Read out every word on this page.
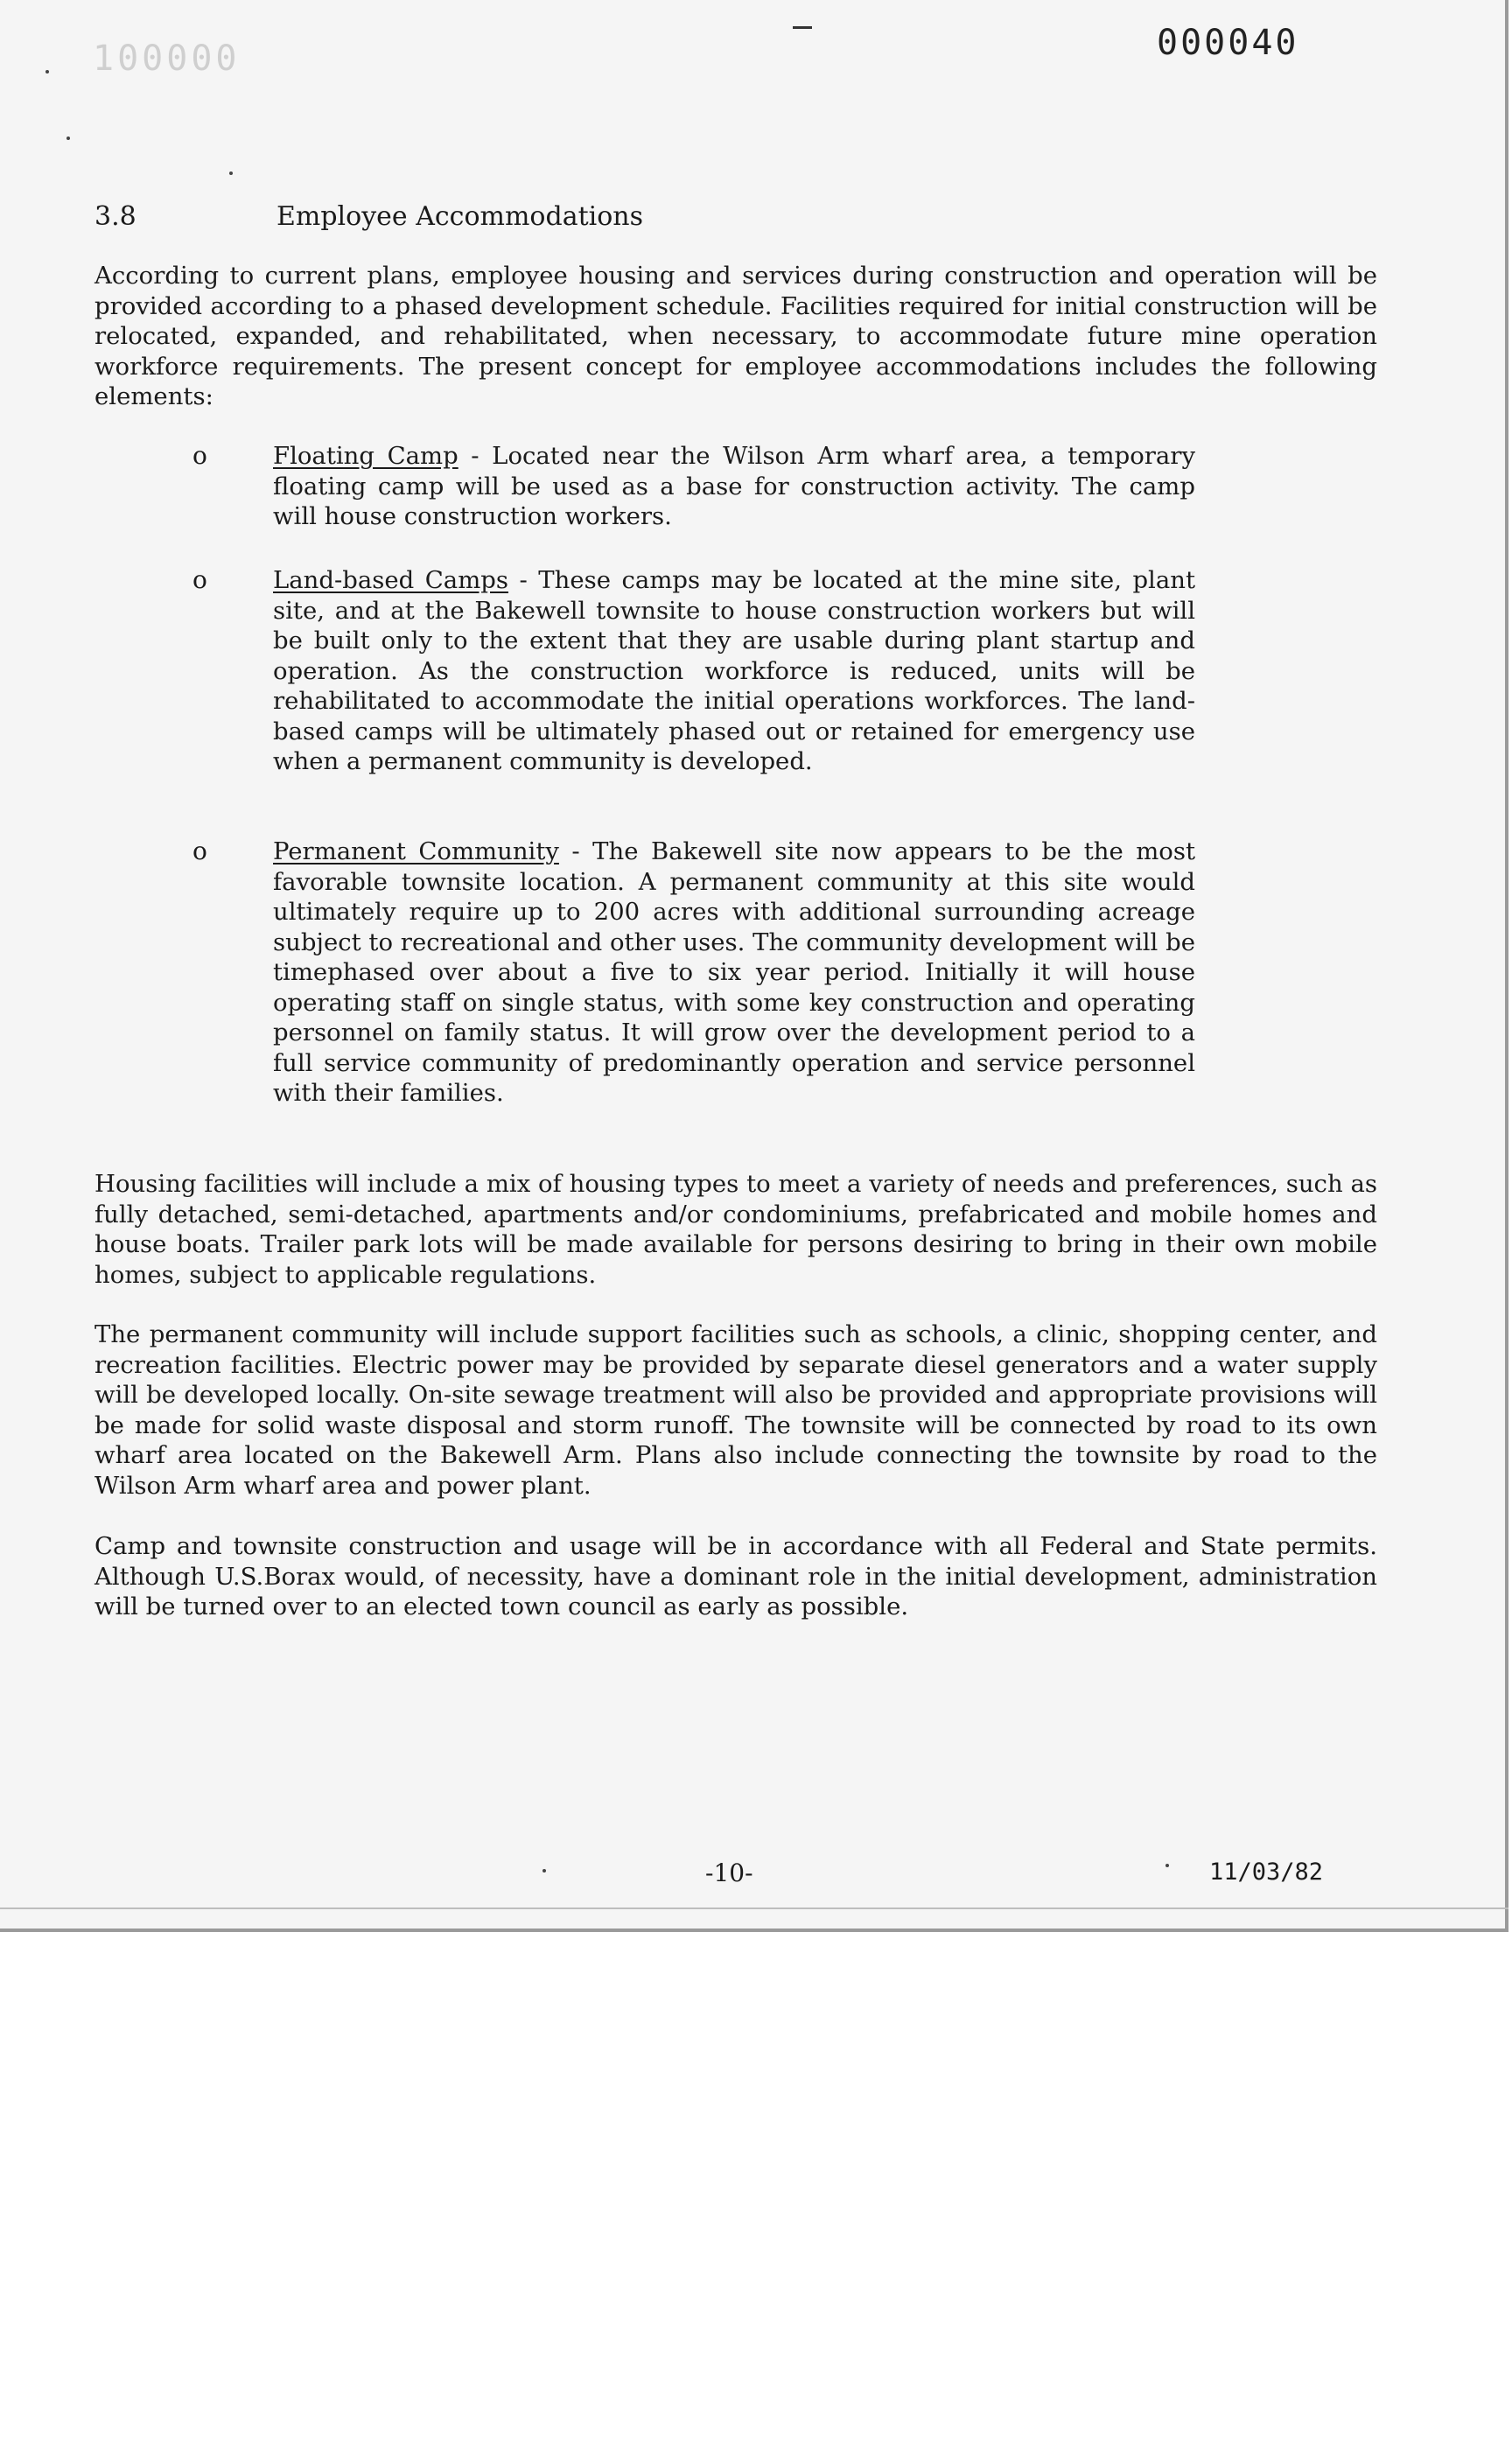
100000	000040
3.8	Employee Accommodations

According to current plans, employee housing and services during construction and operation will be provided according to a phased development schedule. Facilities required for initial construction will be relocated, expanded, and rehabilitated, when necessary, to accommodate future mine operation workforce requirements. The present concept for employee accommodations includes the following elements:

o	Floating Camp - Located near the Wilson Arm wharf area, a temporary floating camp will be used as a base for construction activity. The camp will house construction workers.
o	Land-based Camps - These camps may be located at the mine site, plant site, and at the Bakewell townsite to house construction workers but will be built only to the extent that they are usable during plant startup and operation. As the construction workforce is reduced, units will be rehabilitated to accommodate the initial operations workforces. The land-based camps will be ultimately phased out or retained for emergency use when a permanent community is developed.
o	Permanent Community - The Bakewell site now appears to be the most favorable townsite location. A permanent community at this site would ultimately require up to 200 acres with additional surrounding acreage subject to recreational and other uses. The community development will be timephased over about a five to six year period. Initially it will house operating staff on single status, with some key construction and operating personnel on family status. It will grow over the development period to a full service community of predominantly operation and service personnel with their families.

Housing facilities will include a mix of housing types to meet a variety of needs and preferences, such as fully detached, semi-detached, apartments and/or condominiums, prefabricated and mobile homes and house boats. Trailer park lots will be made available for persons desiring to bring in their own mobile homes, subject to applicable regulations.

The permanent community will include support facilities such as schools, a clinic, shopping center, and recreation facilities. Electric power may be provided by separate diesel generators and a water supply will be developed locally. On-site sewage treatment will also be provided and appropriate provisions will be made for solid waste disposal and storm runoff. The townsite will be connected by road to its own wharf area located on the Bakewell Arm. Plans also include connecting the townsite by road to the Wilson Arm wharf area and power plant.

Camp and townsite construction and usage will be in accordance with all Federal and State permits. Although U.S.Borax would, of necessity, have a dominant role in the initial development, administration will be turned over to an elected town council as early as possible.

-10-	11/03/82
